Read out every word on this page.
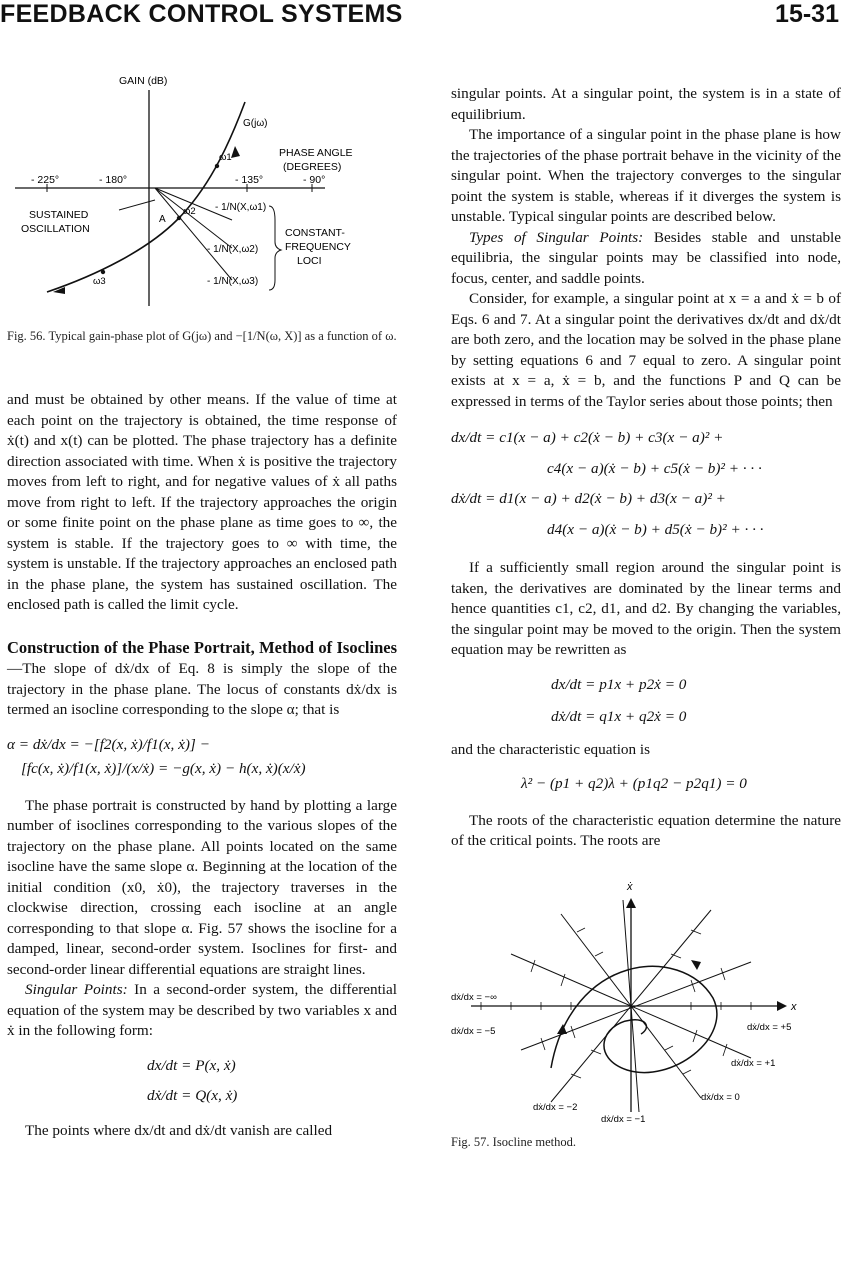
FEEDBACK CONTROL SYSTEMS	15-31
GAIN (dB)
G(jω)
PHASE ANGLE
(DEGREES)
- 225°	- 180°	- 135°	- 90°
ω1
ω2
ω3
A
SUSTAINED
OSCILLATION
- 1/N(X,ω1)
- 1/N(X,ω2)
- 1/N(X,ω3)
CONSTANT-
FREQUENCY
LOCI

Fig. 56. Typical gain-phase plot of G(jω) and −[1/N(ω, X)] as a function of ω.

and must be obtained by other means. If the value of time at each point on the trajectory is obtained, the time response of ẋ(t) and x(t) can be plotted. The phase trajectory has a definite direction associated with time. When ẋ is positive the trajectory moves from left to right, and for negative values of ẋ all paths move from right to left. If the trajectory approaches the origin or some finite point on the phase plane as time goes to ∞, the system is stable. If the trajectory goes to ∞ with time, the system is unstable. If the trajectory approaches an enclosed path in the phase plane, the system has sustained oscillation. The enclosed path is called the limit cycle.

Construction of the Phase Portrait, Method of Isoclines—The slope of dẋ/dx of Eq. 8 is simply the slope of the trajectory in the phase plane. The locus of constants dẋ/dx is termed an isocline corresponding to the slope α; that is

α = dẋ/dx = −[f2(x, ẋ)/f1(x, ẋ)] −

[fc(x, ẋ)/f1(x, ẋ)]/(x/ẋ) = −g(x, ẋ) − h(x, ẋ)(x/ẋ)

The phase portrait is constructed by hand by plotting a large number of isoclines corresponding to the various slopes of the trajectory on the phase plane. All points located on the same isocline have the same slope α. Beginning at the location of the initial condition (x0, ẋ0), the trajectory traverses in the clockwise direction, crossing each isocline at an angle corresponding to that slope α. Fig. 57 shows the isocline for a damped, linear, second-order system. Isoclines for first- and second-order linear differential equations are straight lines.

Singular Points: In a second-order system, the differential equation of the system may be described by two variables x and ẋ in the following form:

dx/dt = P(x, ẋ)

dẋ/dt = Q(x, ẋ)

The points where dx/dt and dẋ/dt vanish are called

singular points. At a singular point, the system is in a state of equilibrium.

The importance of a singular point in the phase plane is how the trajectories of the phase portrait behave in the vicinity of the singular point. When the trajectory converges to the singular point the system is stable, whereas if it diverges the system is unstable. Typical singular points are described below.

Types of Singular Points: Besides stable and unstable equilibria, the singular points may be classified into node, focus, center, and saddle points.

Consider, for example, a singular point at x = a and ẋ = b of Eqs. 6 and 7. At a singular point the derivatives dx/dt and dẋ/dt are both zero, and the location may be solved in the phase plane by setting equations 6 and 7 equal to zero. A singular point exists at x = a, ẋ = b, and the functions P and Q can be expressed in terms of the Taylor series about those points; then

dx/dt = c1(x − a) + c2(ẋ − b) + c3(x − a)² +

c4(x − a)(ẋ − b) + c5(ẋ − b)² + · · ·

dẋ/dt = d1(x − a) + d2(ẋ − b) + d3(x − a)² +

d4(x − a)(ẋ − b) + d5(ẋ − b)² + · · ·

If a sufficiently small region around the singular point is taken, the derivatives are dominated by the linear terms and hence quantities c1, c2, d1, and d2. By changing the variables, the singular point may be moved to the origin. Then the system equation may be rewritten as

dx/dt = p1x + p2ẋ = 0

dẋ/dt = q1x + q2ẋ = 0

and the characteristic equation is

λ² − (p1 + q2)λ + (p1q2 − p2q1) = 0

The roots of the characteristic equation determine the nature of the critical points. The roots are

ẋ
x
dẋ/dx = −∞
dẋ/dx = −5
dẋ/dx = −2
dẋ/dx = −1
dẋ/dx = 0
dẋ/dx = +1
dẋ/dx = +5

Fig. 57. Isocline method.
